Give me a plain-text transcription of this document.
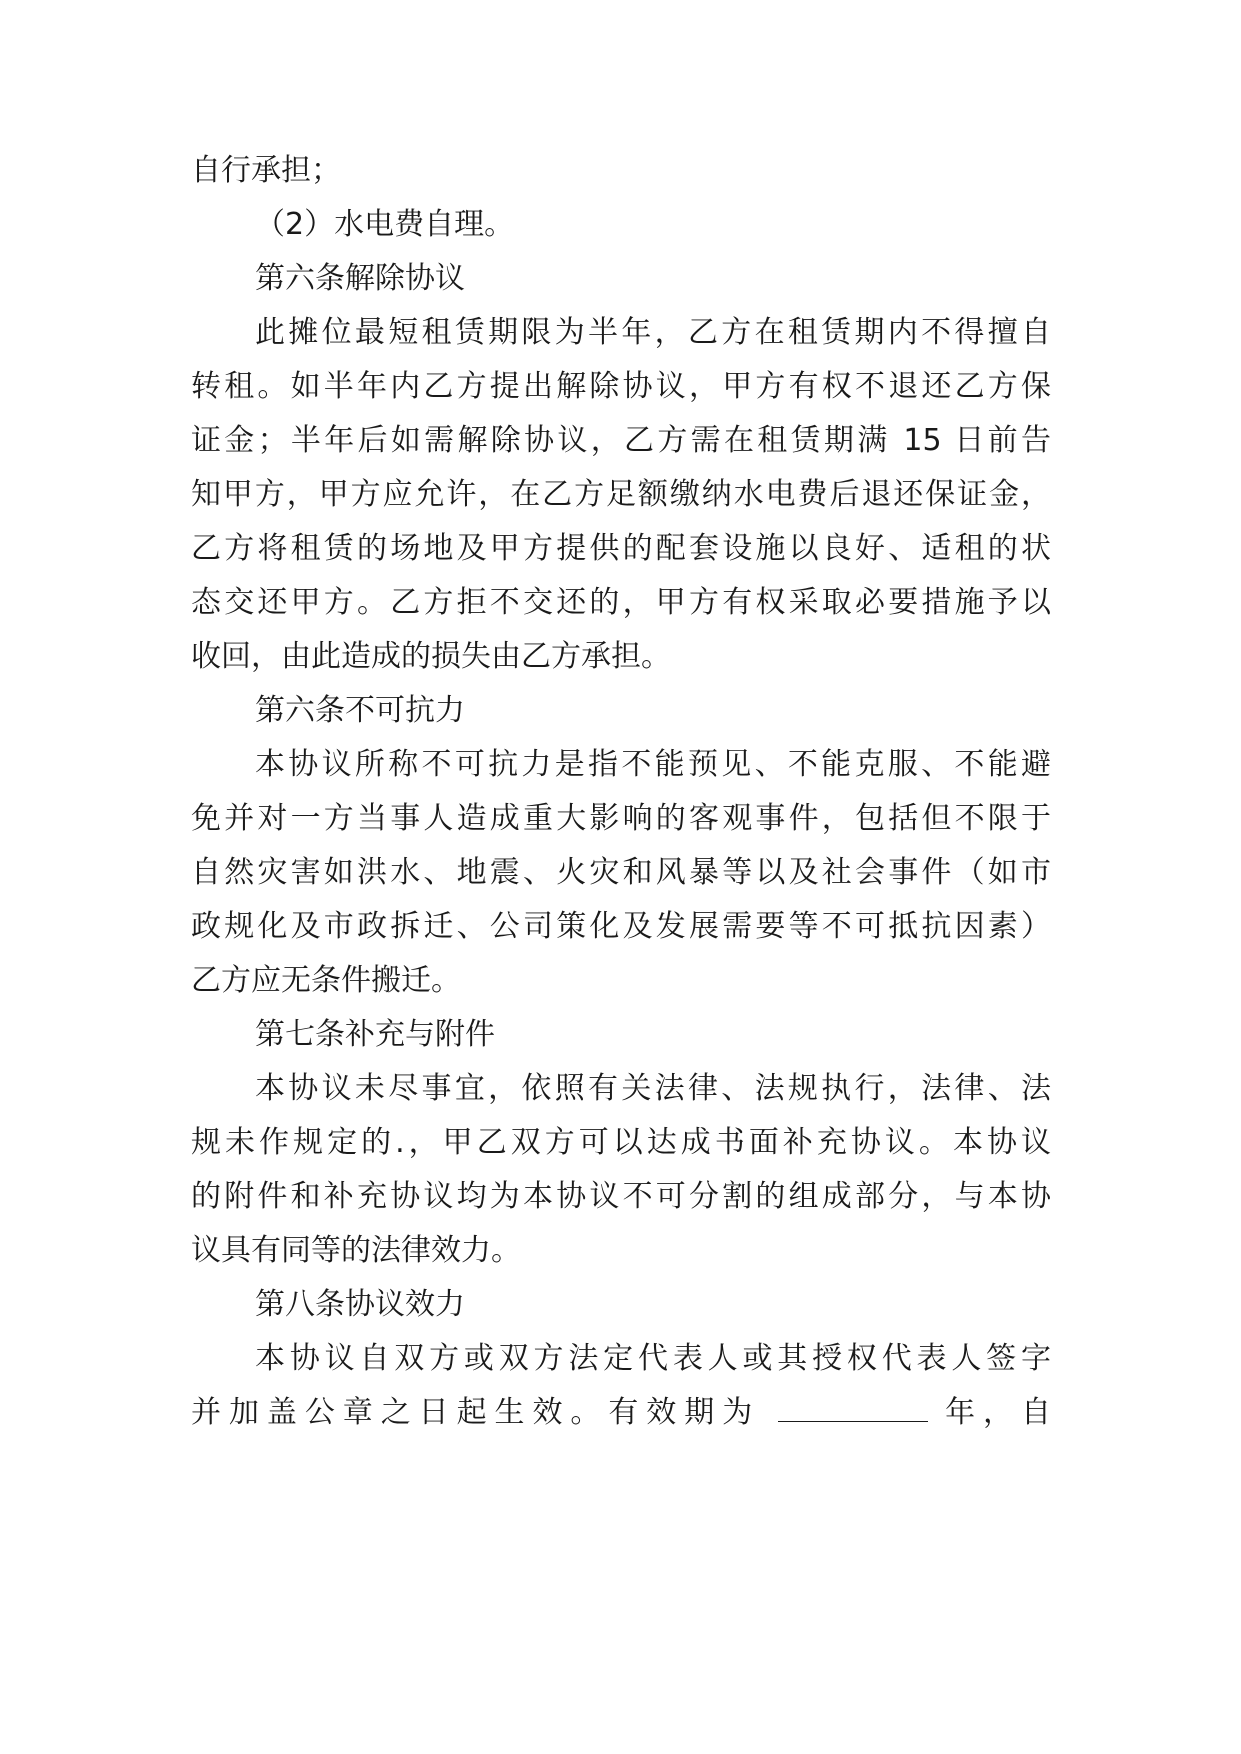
自行承担；
（2）水电费自理。
第六条解除协议
此摊位最短租赁期限为半年，乙方在租赁期内不得擅自
转租。如半年内乙方提出解除协议，甲方有权不退还乙方保
证金；半年后如需解除协议，乙方需在租赁期满 15 日前告
知甲方，甲方应允许，在乙方足额缴纳水电费后退还保证金，
乙方将租赁的场地及甲方提供的配套设施以良好、适租的状
态交还甲方。乙方拒不交还的，甲方有权采取必要措施予以
收回，由此造成的损失由乙方承担。
第六条不可抗力
本协议所称不可抗力是指不能预见、不能克服、不能避
免并对一方当事人造成重大影响的客观事件，包括但不限于
自然灾害如洪水、地震、火灾和风暴等以及社会事件（如市
政规化及市政拆迁、公司策化及发展需要等不可抵抗因素）
乙方应无条件搬迁。
第七条补充与附件
本协议未尽事宜，依照有关法律、法规执行，法律、法
规未作规定的.，甲乙双方可以达成书面补充协议。本协议
的附件和补充协议均为本协议不可分割的组成部分，与本协
议具有同等的法律效力。
第八条协议效力
本协议自双方或双方法定代表人或其授权代表人签字
并加盖公章之日起生效。有效期为	年，自
